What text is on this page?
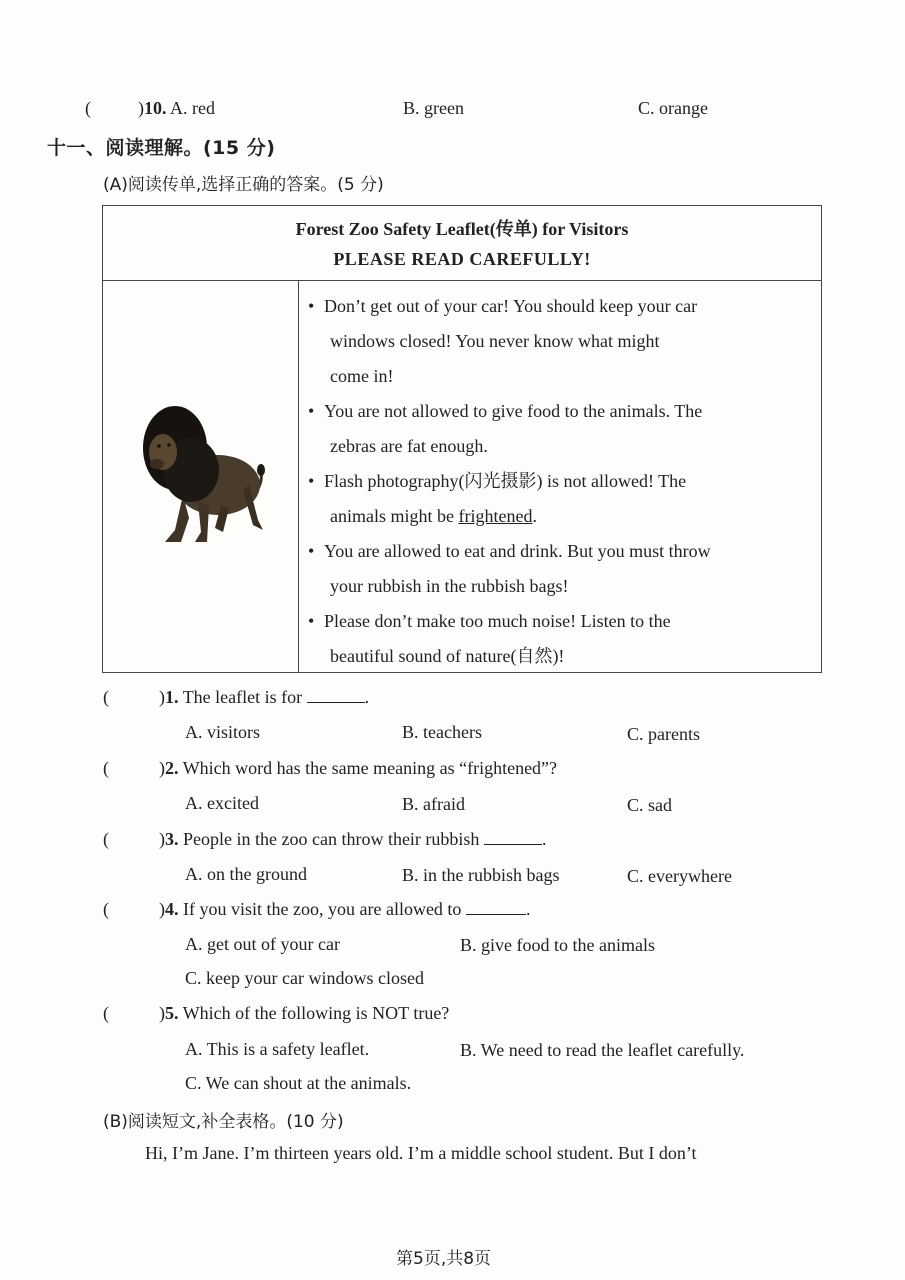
(	)10. A. red	B. green	C. orange
十一、阅读理解。(15 分)
(A)阅读传单,选择正确的答案。(5 分)
Forest Zoo Safety Leaflet(传单) for Visitors
PLEASE READ CAREFULLY!
• Don’t get out of your car! You should keep your car
windows closed! You never know what might
come in!
• You are not allowed to give food to the animals. The
zebras are fat enough.
• Flash photography(闪光摄影) is not allowed! The
animals might be frightened.
• You are allowed to eat and drink. But you must throw
your rubbish in the rubbish bags!
• Please don’t make too much noise! Listen to the
beautiful sound of nature(自然)!
(	)1. The leaflet is for	.
A. visitors	B. teachers	C. parents
(	)2. Which word has the same meaning as “frightened”?
A. excited	B. afraid	C. sad
(	)3. People in the zoo can throw their rubbish	.
A. on the ground	B. in the rubbish bags	C. everywhere
(	)4. If you visit the zoo, you are allowed to	.
A. get out of your car	B. give food to the animals
C. keep your car windows closed
(	)5. Which of the following is NOT true?
A. This is a safety leaflet.	B. We need to read the leaflet carefully.
C. We can shout at the animals.
(B)阅读短文,补全表格。(10 分)
Hi, I’m Jane. I’m thirteen years old. I’m a middle school student. But I don’t
第5页,共8页
